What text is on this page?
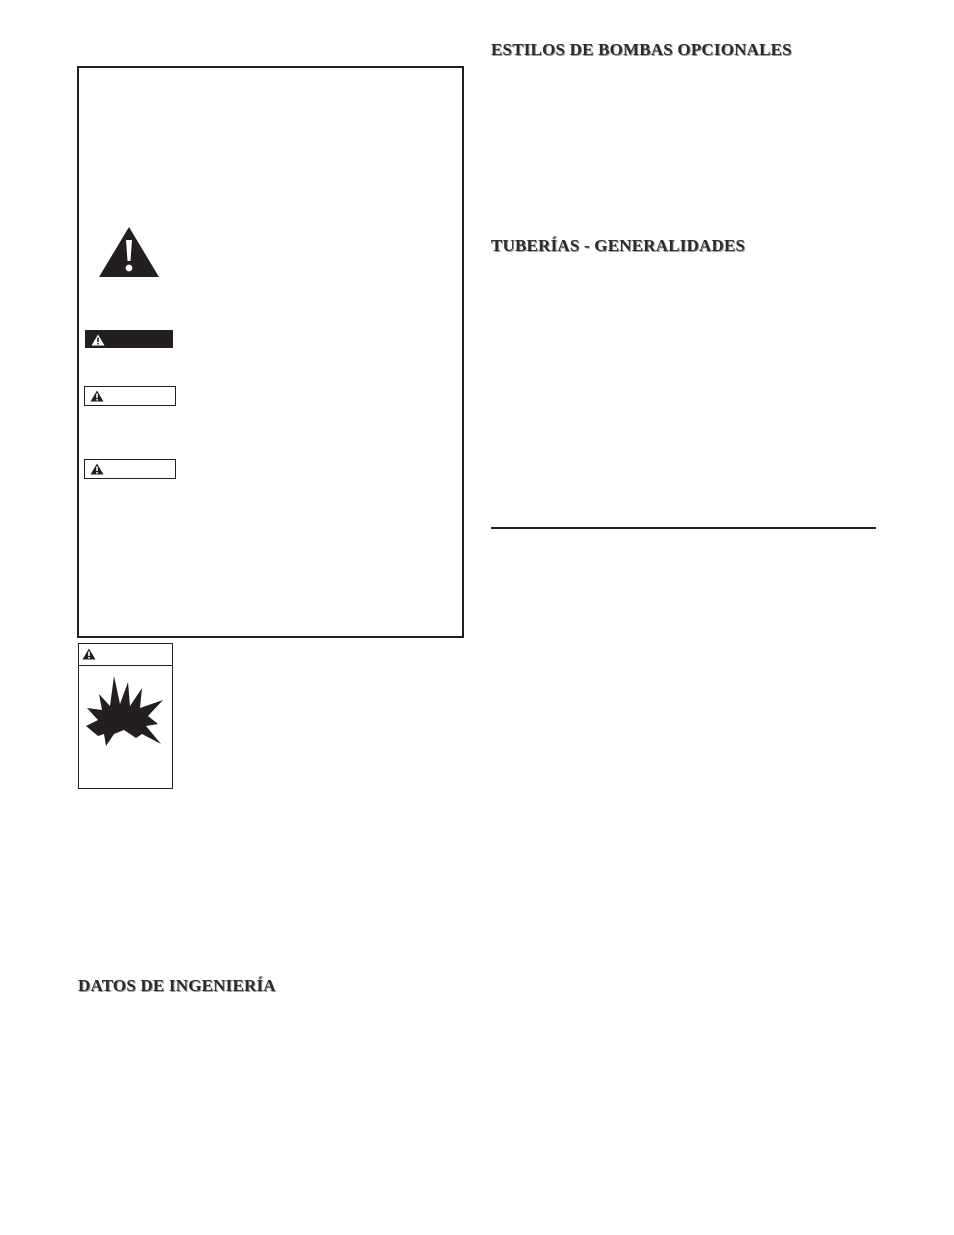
ESTILOS DE BOMBAS OPCIONALES
TUBERÍAS - GENERALIDADES
DATOS DE INGENIERÍA
